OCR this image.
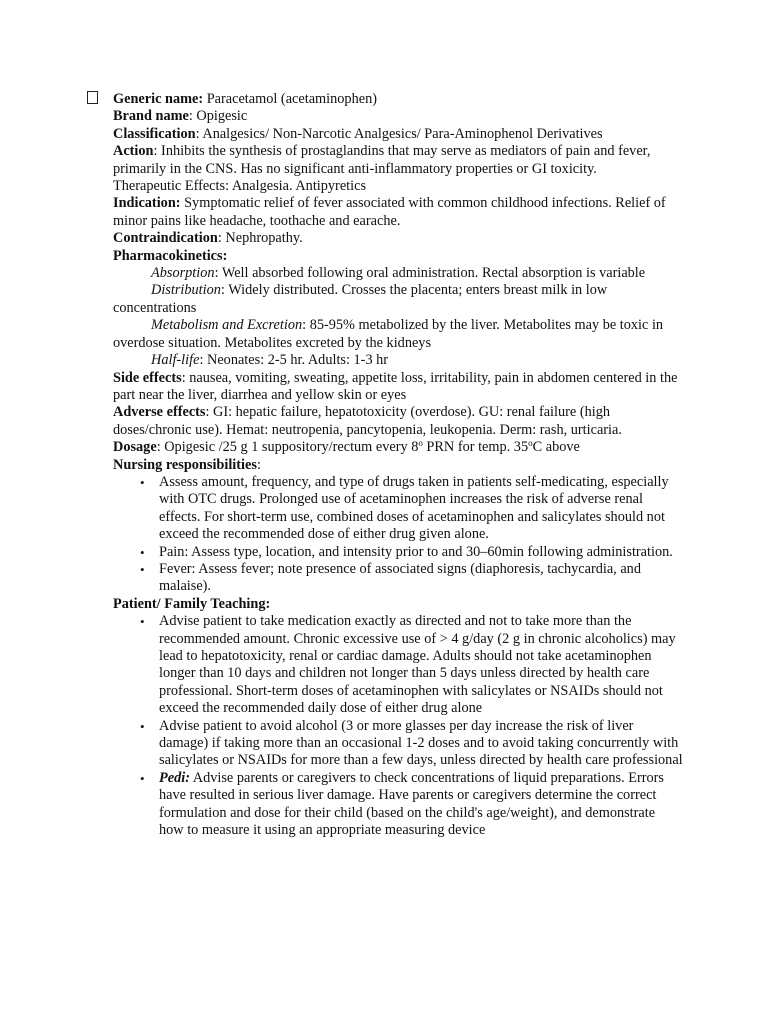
Generic name: Paracetamol (acetaminophen)

Brand name: Opigesic

Classification: Analgesics/ Non-Narcotic Analgesics/ Para-Aminophenol Derivatives

Action: Inhibits the synthesis of prostaglandins that may serve as mediators of pain and fever, primarily in the CNS. Has no significant anti-inflammatory properties or GI toxicity.

Therapeutic Effects: Analgesia. Antipyretics

Indication: Symptomatic relief of fever associated with common childhood infections. Relief of minor pains like headache, toothache and earache.

Contraindication: Nephropathy.

Pharmacokinetics:

Absorption: Well absorbed following oral administration. Rectal absorption is variable

Distribution: Widely distributed. Crosses the placenta; enters breast milk in low concentrations

Metabolism and Excretion: 85-95% metabolized by the liver. Metabolites may be toxic in overdose situation. Metabolites excreted by the kidneys

Half-life: Neonates: 2-5 hr. Adults: 1-3 hr

Side effects: nausea, vomiting, sweating, appetite loss, irritability, pain in abdomen centered in the part near the liver, diarrhea and yellow skin or eyes

Adverse effects: GI: hepatic failure, hepatotoxicity (overdose). GU: renal failure (high doses/chronic use). Hemat: neutropenia, pancytopenia, leukopenia. Derm: rash, urticaria.

Dosage: Opigesic /25 g 1 suppository/rectum every 8$^o$ PRN for temp. 35$^o$C above

Nursing responsibilities:

• Assess amount, frequency, and type of drugs taken in patients self-medicating, especially with OTC drugs. Prolonged use of acetaminophen increases the risk of adverse renal effects. For short-term use, combined doses of acetaminophen and salicylates should not exceed the recommended dose of either drug given alone.
• Pain: Assess type, location, and intensity prior to and 30–60min following administration.
• Fever: Assess fever; note presence of associated signs (diaphoresis, tachycardia, and malaise).

Patient/ Family Teaching:

• Advise patient to take medication exactly as directed and not to take more than the recommended amount. Chronic excessive use of > 4 g/day (2 g in chronic alcoholics) may lead to hepatotoxicity, renal or cardiac damage. Adults should not take acetaminophen longer than 10 days and children not longer than 5 days unless directed by health care professional. Short-term doses of acetaminophen with salicylates or NSAIDs should not exceed the recommended daily dose of either drug alone
• Advise patient to avoid alcohol (3 or more glasses per day increase the risk of liver damage) if taking more than an occasional 1-2 doses and to avoid taking concurrently with salicylates or NSAIDs for more than a few days, unless directed by health care professional
• Pedi: Advise parents or caregivers to check concentrations of liquid preparations. Errors have resulted in serious liver damage. Have parents or caregivers determine the correct formulation and dose for their child (based on the child's age/weight), and demonstrate how to measure it using an appropriate measuring device
